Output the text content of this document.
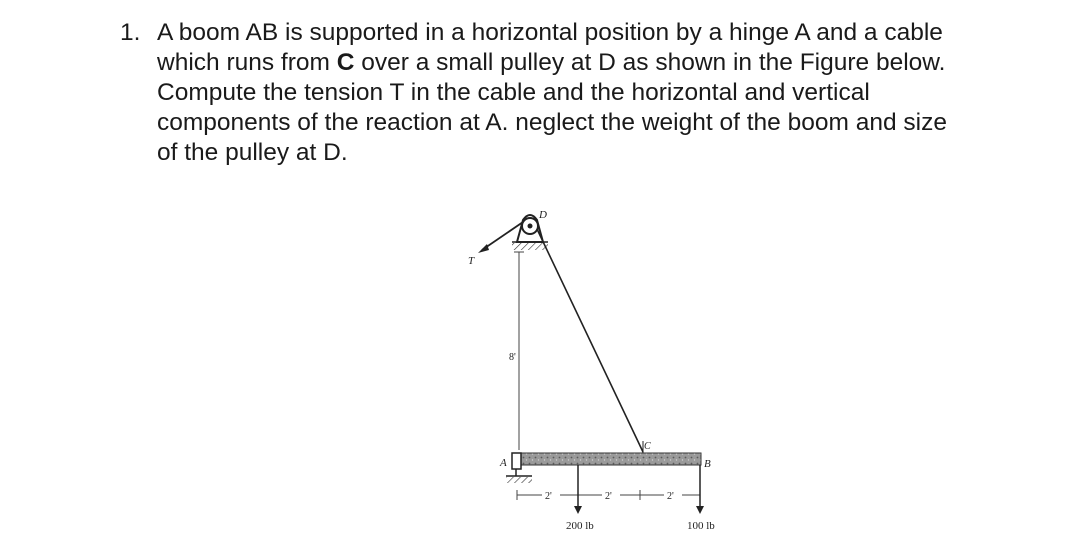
1. A boom AB is supported in a horizontal position by a hinge A and a cable
which runs from C over a small pulley at D as shown in the Figure below.
Compute the tension T in the cable and the horizontal and vertical
components of the reaction at A. neglect the weight of the boom and size
of the pulley at D.
D
T
8'
C
A	B
2'	2'	2'
200 lb	100 lb
